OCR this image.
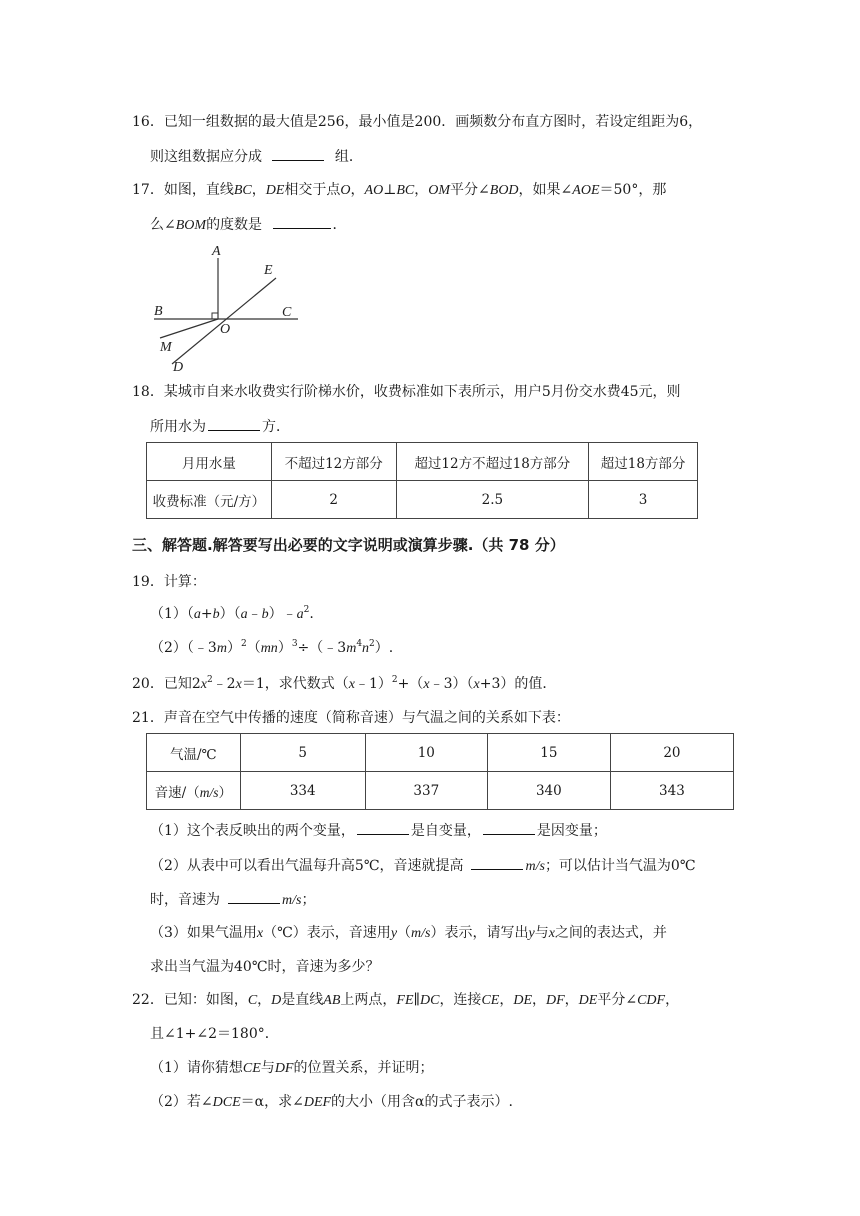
16．已知一组数据的最大值是256，最小值是200．画频数分布直方图时，若设定组距为6，
则这组数据应分成	组．
17．如图，直线BC，DE相交于点O，AO⊥BC，OM平分∠BOD，如果∠AOE＝50°，那
么∠BOM的度数是	．
A
E
B	C
O
M
D
18．某城市自来水收费实行阶梯水价，收费标准如下表所示，用户5月份交水费45元，则
所用水为	方．
月用水量	不超过12方部分	超过12方不超过18方部分	超过18方部分
收费标准（元/方）	2	2.5	3
三、解答题.解答要写出必要的文字说明或演算步骤.（共 78 分）
19．计算：
$(1)(a+b)(a﹣b)﹣a^2$.
$(2)(﹣3m)^2(mn)^3\div(﹣3m^4n^2)$.
20．已知$2x^2﹣2x=1$，求代数式（x﹣1）$^2$+（x﹣3）（x+3）的值．
21．声音在空气中传播的速度（简称音速）与气温之间的关系如下表：
气温/℃	5	10	15	20
音速/（m/s）	334	337	340	343
（1）这个表反映出的两个变量，	是自变量，	是因变量；
（2）从表中可以看出气温每升高5℃，音速就提高	m/s；可以估计当气温为0℃
时，音速为	m/s；
（3）如果气温用x（℃）表示，音速用y（m/s）表示，请写出y与x之间的表达式，并
求出当气温为40℃时，音速为多少？
22．已知：如图，C，D是直线AB上两点，FE∥DC，连接CE，DE，DF，DE平分∠CDF，
且∠1+∠2＝180°．
（1）请你猜想CE与DF的位置关系，并证明；
（2）若∠DCE＝α，求∠DEF的大小（用含α的式子表示）.
